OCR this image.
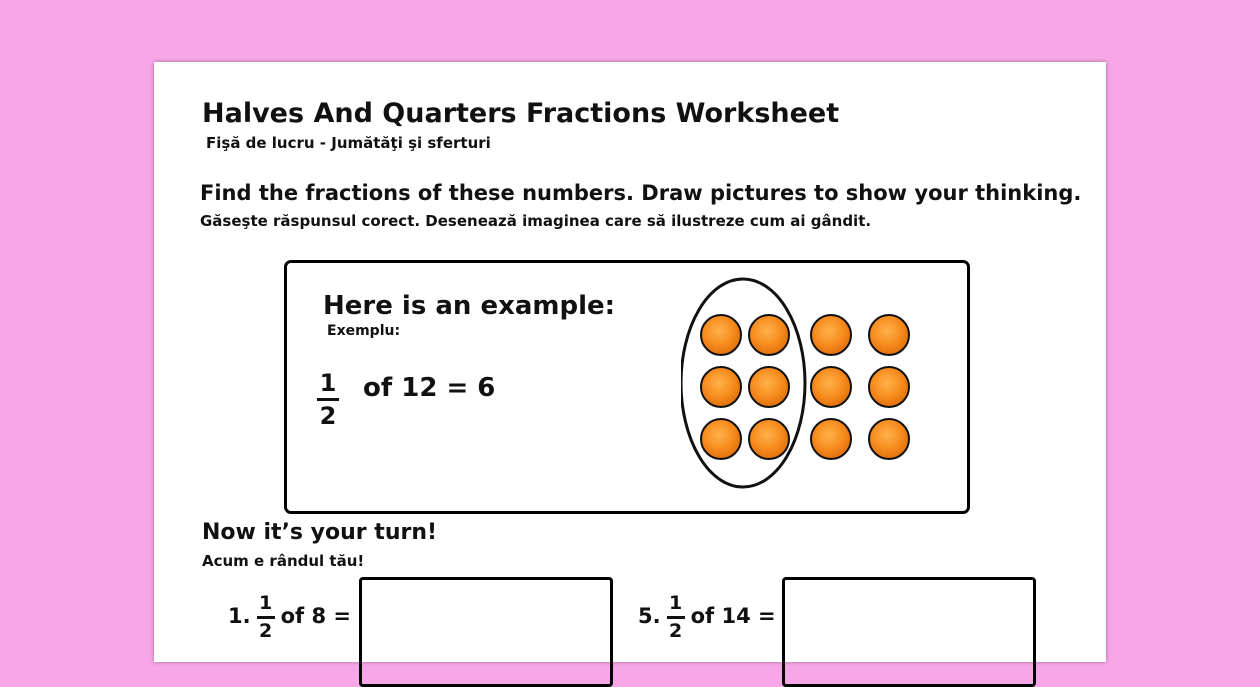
Halves And Quarters Fractions Worksheet
Fişă de lucru - Jumătăţi şi sferturi
Find the fractions of these numbers. Draw pictures to show your thinking.
Găseşte răspunsul corect. Desenează imaginea care să ilustreze cum ai gândit.
Here is an example:
Exemplu:
1
2
of 12 = 6
Now it’s your turn!
Acum e rândul tău!
1. $\frac{1}{2}$ of 8 =	5. $\frac{1}{2}$ of 14 =
